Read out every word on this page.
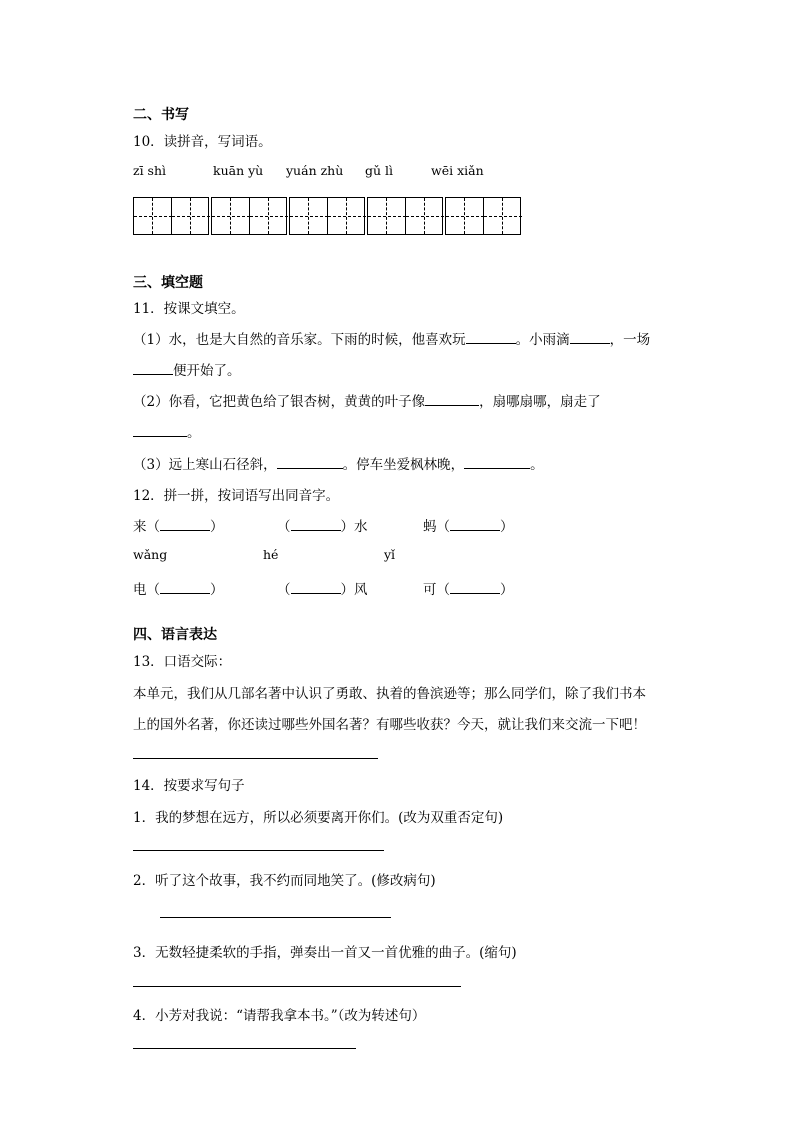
二、书写
10．读拼音，写词语。
zī shì	kuān yù yuán zhù gǔ lì	wēi xiǎn
三、填空题
11．按课文填空。
（1）水，也是大自然的音乐家。下雨的时候，他喜欢玩	。小雨滴	，一场
便开始了。
（2）你看，它把黄色给了银杏树，黄黄的叶子像	，扇哪扇哪，扇走了
。
（3）远上寒山石径斜，	。停车坐爱枫林晚，	。
12．拼一拼，按词语写出同音字。
来（	）	（	）水	蚂（	）
wǎng	hé	yǐ
电（	）	（	）风	可（	）
四、语言表达
13．口语交际：
本单元，我们从几部名著中认识了勇敢、执着的鲁滨逊等；那么同学们，除了我们书本
上的国外名著，你还读过哪些外国名著？有哪些收获？今天，就让我们来交流一下吧！
14．按要求写句子
1．我的梦想在远方，所以必须要离开你们。(改为双重否定句)
2．听了这个故事，我不约而同地笑了。(修改病句)
3．无数轻捷柔软的手指，弹奏出一首又一首优雅的曲子。(缩句)
4．小芳对我说：“请帮我拿本书。”（改为转述句）
